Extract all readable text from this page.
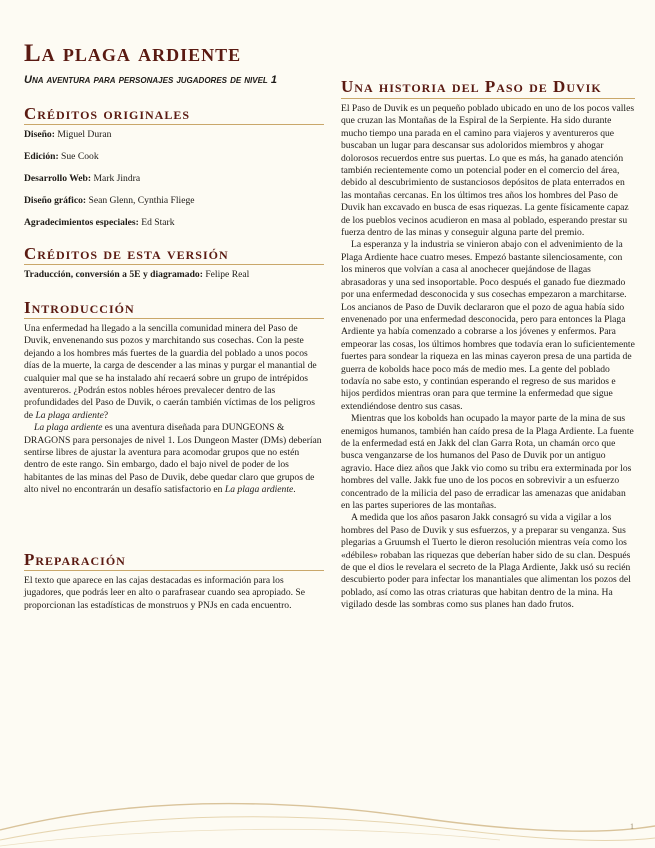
La plaga ardiente
Una aventura para personajes jugadores de nivel 1
Créditos originales

Diseño: Miguel Duran

Edición: Sue Cook

Desarrollo Web: Mark Jindra

Diseño gráfico: Sean Glenn, Cynthia Fliege

Agradecimientos especiales: Ed Stark

Créditos de esta versión

Traducción, conversión a 5E y diagramado: Felipe Real

Introducción

Una enfermedad ha llegado a la sencilla comunidad minera del Paso de Duvik, envenenando sus pozos y marchitando sus cosechas. Con la peste dejando a los hombres más fuertes de la guardia del poblado a unos pocos días de la muerte, la carga de descender a las minas y purgar el manantial de cualquier mal que se ha instalado ahí recaerá sobre un grupo de intrépidos aventureros. ¿Podrán estos nobles héroes prevalecer dentro de las profundidades del Paso de Duvik, o caerán también víctimas de los peligros de La plaga ardiente?

La plaga ardiente es una aventura diseñada para DUNGEONS & DRAGONS para personajes de nivel 1. Los Dungeon Master (DMs) deberían sentirse libres de ajustar la aventura para acomodar grupos que no estén dentro de este rango. Sin embargo, dado el bajo nivel de poder de los habitantes de las minas del Paso de Duvik, debe quedar claro que grupos de alto nivel no encontrarán un desafío satisfactorio en La plaga ardiente.

Preparación

El texto que aparece en las cajas destacadas es información para los jugadores, que podrás leer en alto o parafrasear cuando sea apropiado. Se proporcionan las estadísticas de monstruos y PNJs en cada encuentro.

Una historia del Paso de Duvik

El Paso de Duvik es un pequeño poblado ubicado en uno de los pocos valles que cruzan las Montañas de la Espiral de la Serpiente. Ha sido durante mucho tiempo una parada en el camino para viajeros y aventureros que buscaban un lugar para descansar sus adoloridos miembros y ahogar dolorosos recuerdos entre sus puertas. Lo que es más, ha ganado atención también recientemente como un potencial poder en el comercio del área, debido al descubrimiento de sustanciosos depósitos de plata enterrados en las montañas cercanas. En los últimos tres años los hombres del Paso de Duvik han excavado en busca de esas riquezas. La gente físicamente capaz de los pueblos vecinos acudieron en masa al poblado, esperando prestar su fuerza dentro de las minas y conseguir alguna parte del premio.

La esperanza y la industria se vinieron abajo con el advenimiento de la Plaga Ardiente hace cuatro meses. Empezó bastante silenciosamente, con los mineros que volvían a casa al anochecer quejándose de llagas abrasadoras y una sed insoportable. Poco después el ganado fue diezmado por una enfermedad desconocida y sus cosechas empezaron a marchitarse. Los ancianos de Paso de Duvik declararon que el pozo de agua había sido envenenado por una enfermedad desconocida, pero para entonces la Plaga Ardiente ya había comenzado a cobrarse a los jóvenes y enfermos. Para empeorar las cosas, los últimos hombres que todavía eran lo suficientemente fuertes para sondear la riqueza en las minas cayeron presa de una partida de guerra de kobolds hace poco más de medio mes. La gente del poblado todavía no sabe esto, y continúan esperando el regreso de sus maridos e hijos perdidos mientras oran para que termine la enfermedad que sigue extendiéndose dentro sus casas.

Mientras que los kobolds han ocupado la mayor parte de la mina de sus enemigos humanos, también han caído presa de la Plaga Ardiente. La fuente de la enfermedad está en Jakk del clan Garra Rota, un chamán orco que busca venganzarse de los humanos del Paso de Duvik por un antiguo agravio. Hace diez años que Jakk vio como su tribu era exterminada por los hombres del valle. Jakk fue uno de los pocos en sobrevivir a un esfuerzo concentrado de la milicia del paso de erradicar las amenazas que anidaban en las partes superiores de las montañas.

A medida que los años pasaron Jakk consagró su vida a vigilar a los hombres del Paso de Duvik y sus esfuerzos, y a preparar su venganza. Sus plegarias a Gruumsh el Tuerto le dieron resolución mientras veía como los «débiles» robaban las riquezas que deberían haber sido de su clan. Después de que el dios le revelara el secreto de la Plaga Ardiente, Jakk usó su recién descubierto poder para infectar los manantiales que alimentan los pozos del poblado, así como las otras criaturas que habitan dentro de la mina. Ha vigilado desde las sombras como sus planes han dado frutos.

1
